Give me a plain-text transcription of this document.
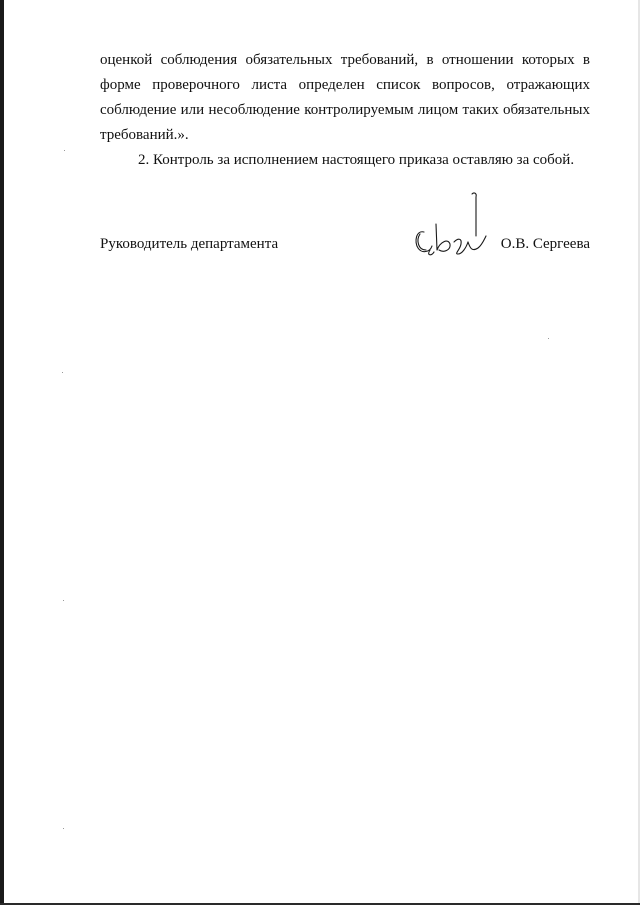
оценкой соблюдения обязательных требований, в отношении которых в форме проверочного листа определен список вопросов, отражающих соблюдение или несоблюдение контролируемым лицом таких обязательных требований.».

2. Контроль за исполнением настоящего приказа оставляю за собой.

Руководитель департамента	О.В. Сергеева
